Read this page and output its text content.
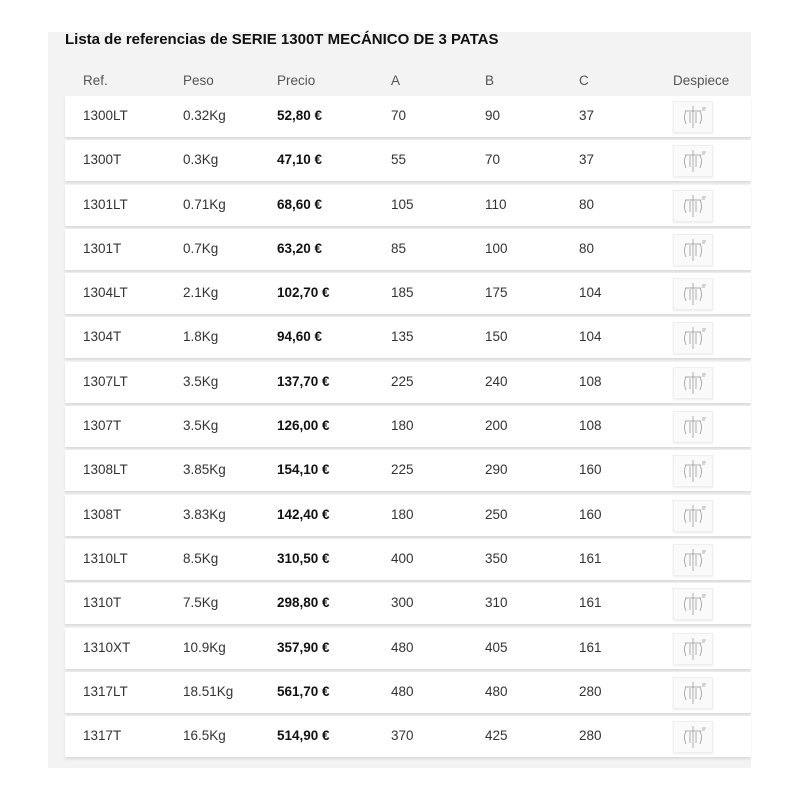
Lista de referencias de SERIE 1300T MECÁNICO DE 3 PATAS
Ref.	Peso	Precio	A	B	C	Despiece
1300LT	0.32Kg	52,80 €	70	90	37
1300T	0.3Kg	47,10 €	55	70	37
1301LT	0.71Kg	68,60 €	105	110	80
1301T	0.7Kg	63,20 €	85	100	80
1304LT	2.1Kg	102,70 €	185	175	104
1304T	1.8Kg	94,60 €	135	150	104
1307LT	3.5Kg	137,70 €	225	240	108
1307T	3.5Kg	126,00 €	180	200	108
1308LT	3.85Kg	154,10 €	225	290	160
1308T	3.83Kg	142,40 €	180	250	160
1310LT	8.5Kg	310,50 €	400	350	161
1310T	7.5Kg	298,80 €	300	310	161
1310XT	10.9Kg	357,90 €	480	405	161
1317LT	18.51Kg	561,70 €	480	480	280
1317T	16.5Kg	514,90 €	370	425	280
